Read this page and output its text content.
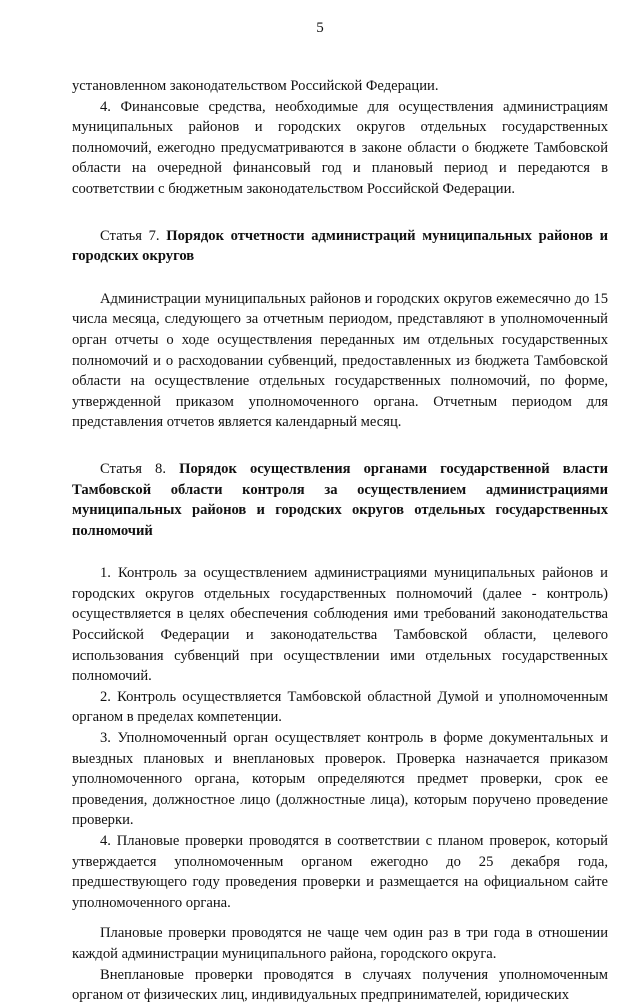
5

установленном законодательством Российской Федерации.

4. Финансовые средства, необходимые для осуществления администрациям муниципальных районов и городских округов отдельных государственных полномочий, ежегодно предусматриваются в законе области о бюджете Тамбовской области на очередной финансовый год и плановый период и передаются в соответствии с бюджетным законодательством Российской Федерации.

Статья 7. Порядок отчетности администраций муниципальных районов и городских округов

Администрации муниципальных районов и городских округов ежемесячно до 15 числа месяца, следующего за отчетным периодом, представляют в уполномоченный орган отчеты о ходе осуществления переданных им отдельных государственных полномочий и о расходовании субвенций, предоставленных из бюджета Тамбовской области на осуществление отдельных государственных полномочий, по форме, утвержденной приказом уполномоченного органа. Отчетным периодом для представления отчетов является календарный месяц.

Статья 8. Порядок осуществления органами государственной власти Тамбовской области контроля за осуществлением администрациями муниципальных районов и городских округов отдельных государственных полномочий

1. Контроль за осуществлением администрациями муниципальных районов и городских округов отдельных государственных полномочий (далее - контроль) осуществляется в целях обеспечения соблюдения ими требований законодательства Российской Федерации и законодательства Тамбовской области, целевого использования субвенций при осуществлении ими отдельных государственных полномочий.

2. Контроль осуществляется Тамбовской областной Думой и уполномоченным органом в пределах компетенции.

3. Уполномоченный орган осуществляет контроль в форме документальных и выездных плановых и внеплановых проверок. Проверка назначается приказом уполномоченного органа, которым определяются предмет проверки, срок ее проведения, должностное лицо (должностные лица), которым поручено проведение проверки.

4. Плановые проверки проводятся в соответствии с планом проверок, который утверждается уполномоченным органом ежегодно до 25 декабря года, предшествующего году проведения проверки и размещается на официальном сайте уполномоченного органа.

Плановые проверки проводятся не чаще чем один раз в три года в отношении каждой администрации муниципального района, городского округа.

Внеплановые проверки проводятся в случаях получения уполномоченным органом от физических лиц, индивидуальных предпринимателей, юридических
